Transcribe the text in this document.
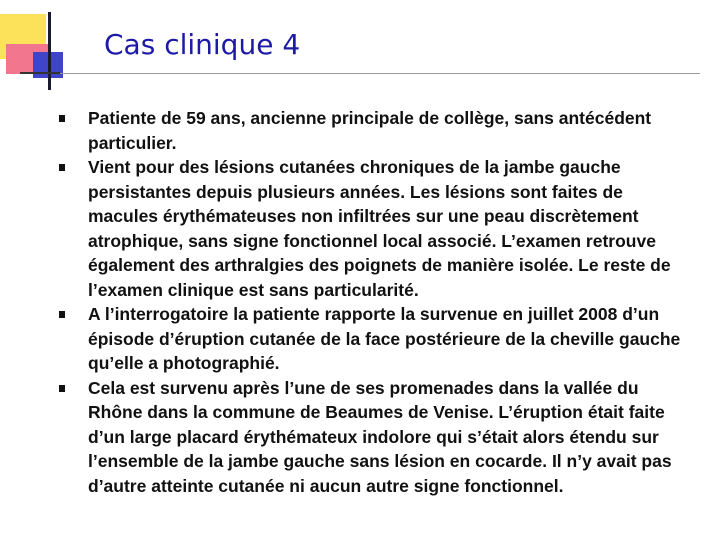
Cas clinique 4
Patiente de 59 ans, ancienne principale de collège, sans antécédent particulier.
Vient pour des lésions cutanées chroniques de la jambe gauche persistantes depuis plusieurs années. Les lésions sont faites de macules érythémateuses non infiltrées sur une peau discrètement atrophique, sans signe fonctionnel local associé. L’examen retrouve également des arthralgies des poignets de manière isolée. Le reste de l’examen clinique est sans particularité.
A l’interrogatoire la patiente rapporte la survenue en juillet 2008 d’un épisode d’éruption cutanée de la face postérieure de la cheville gauche qu’elle a photographié.
Cela est survenu après l’une de ses promenades dans la vallée du Rhône dans la commune de Beaumes de Venise. L’éruption était faite d’un large placard érythémateux indolore qui s’était alors étendu sur l’ensemble de la jambe gauche sans lésion en cocarde. Il n’y avait pas d’autre atteinte cutanée ni aucun autre signe fonctionnel.
